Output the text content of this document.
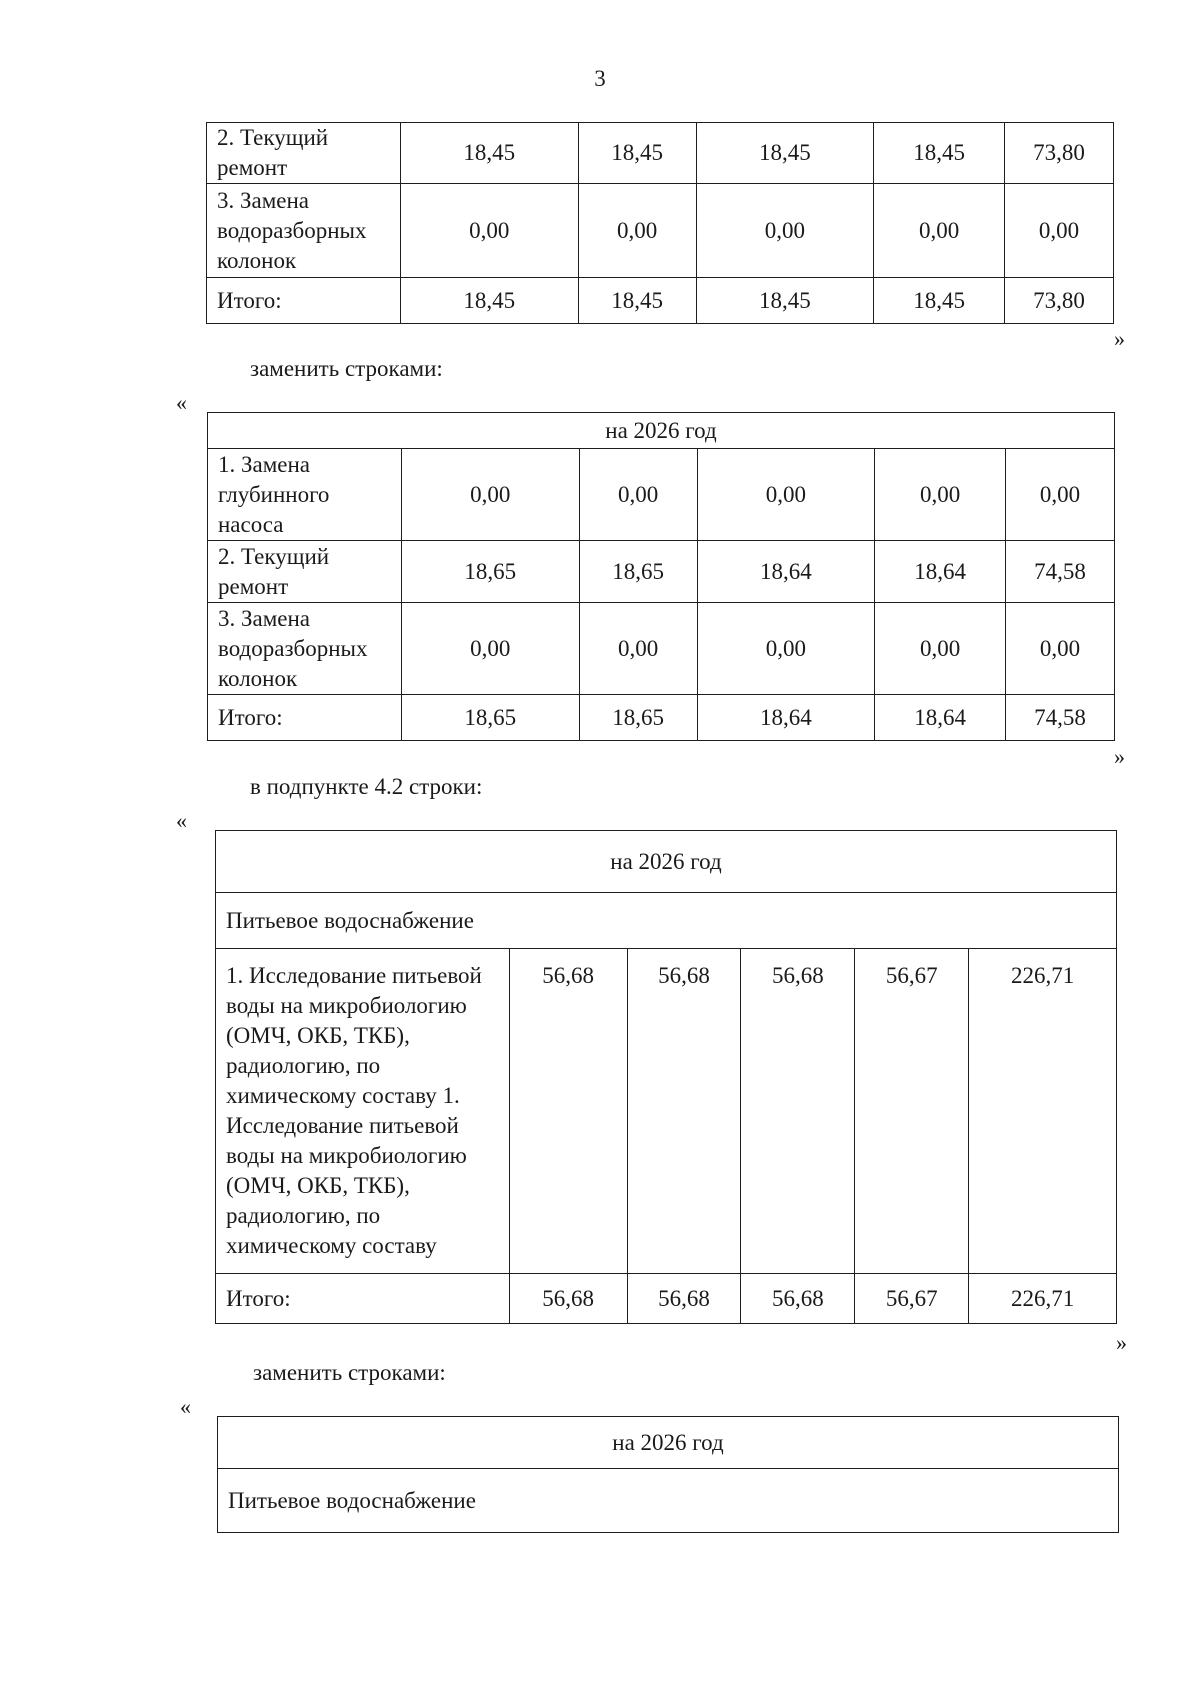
3
2. Текущий ремонт	18,45	18,45	18,45	18,45	73,80
3. Замена водоразборных колонок	0,00	0,00	0,00	0,00	0,00
Итого:	18,45	18,45	18,45	18,45	73,80
»
заменить строками:
«
на 2026 год					
1. Замена глубинного насоса	0,00	0,00	0,00	0,00	0,00
2. Текущий ремонт	18,65	18,65	18,64	18,64	74,58
3. Замена водоразборных колонок	0,00	0,00	0,00	0,00	0,00
Итого:	18,65	18,65	18,64	18,64	74,58
»
в подпункте 4.2 строки:
«
на 2026 год					
Питьевое водоснабжение					
1. Исследование питьевой воды на микробиологию (ОМЧ, ОКБ, ТКБ), радиологию, по химическому составу 1. Исследование питьевой воды на микробиологию (ОМЧ, ОКБ, ТКБ), радиологию, по химическому составу	56,68	56,68	56,68	56,67	226,71
Итого:	56,68	56,68	56,68	56,67	226,71
»
заменить строками:
«
на 2026 год
Питьевое водоснабжение
